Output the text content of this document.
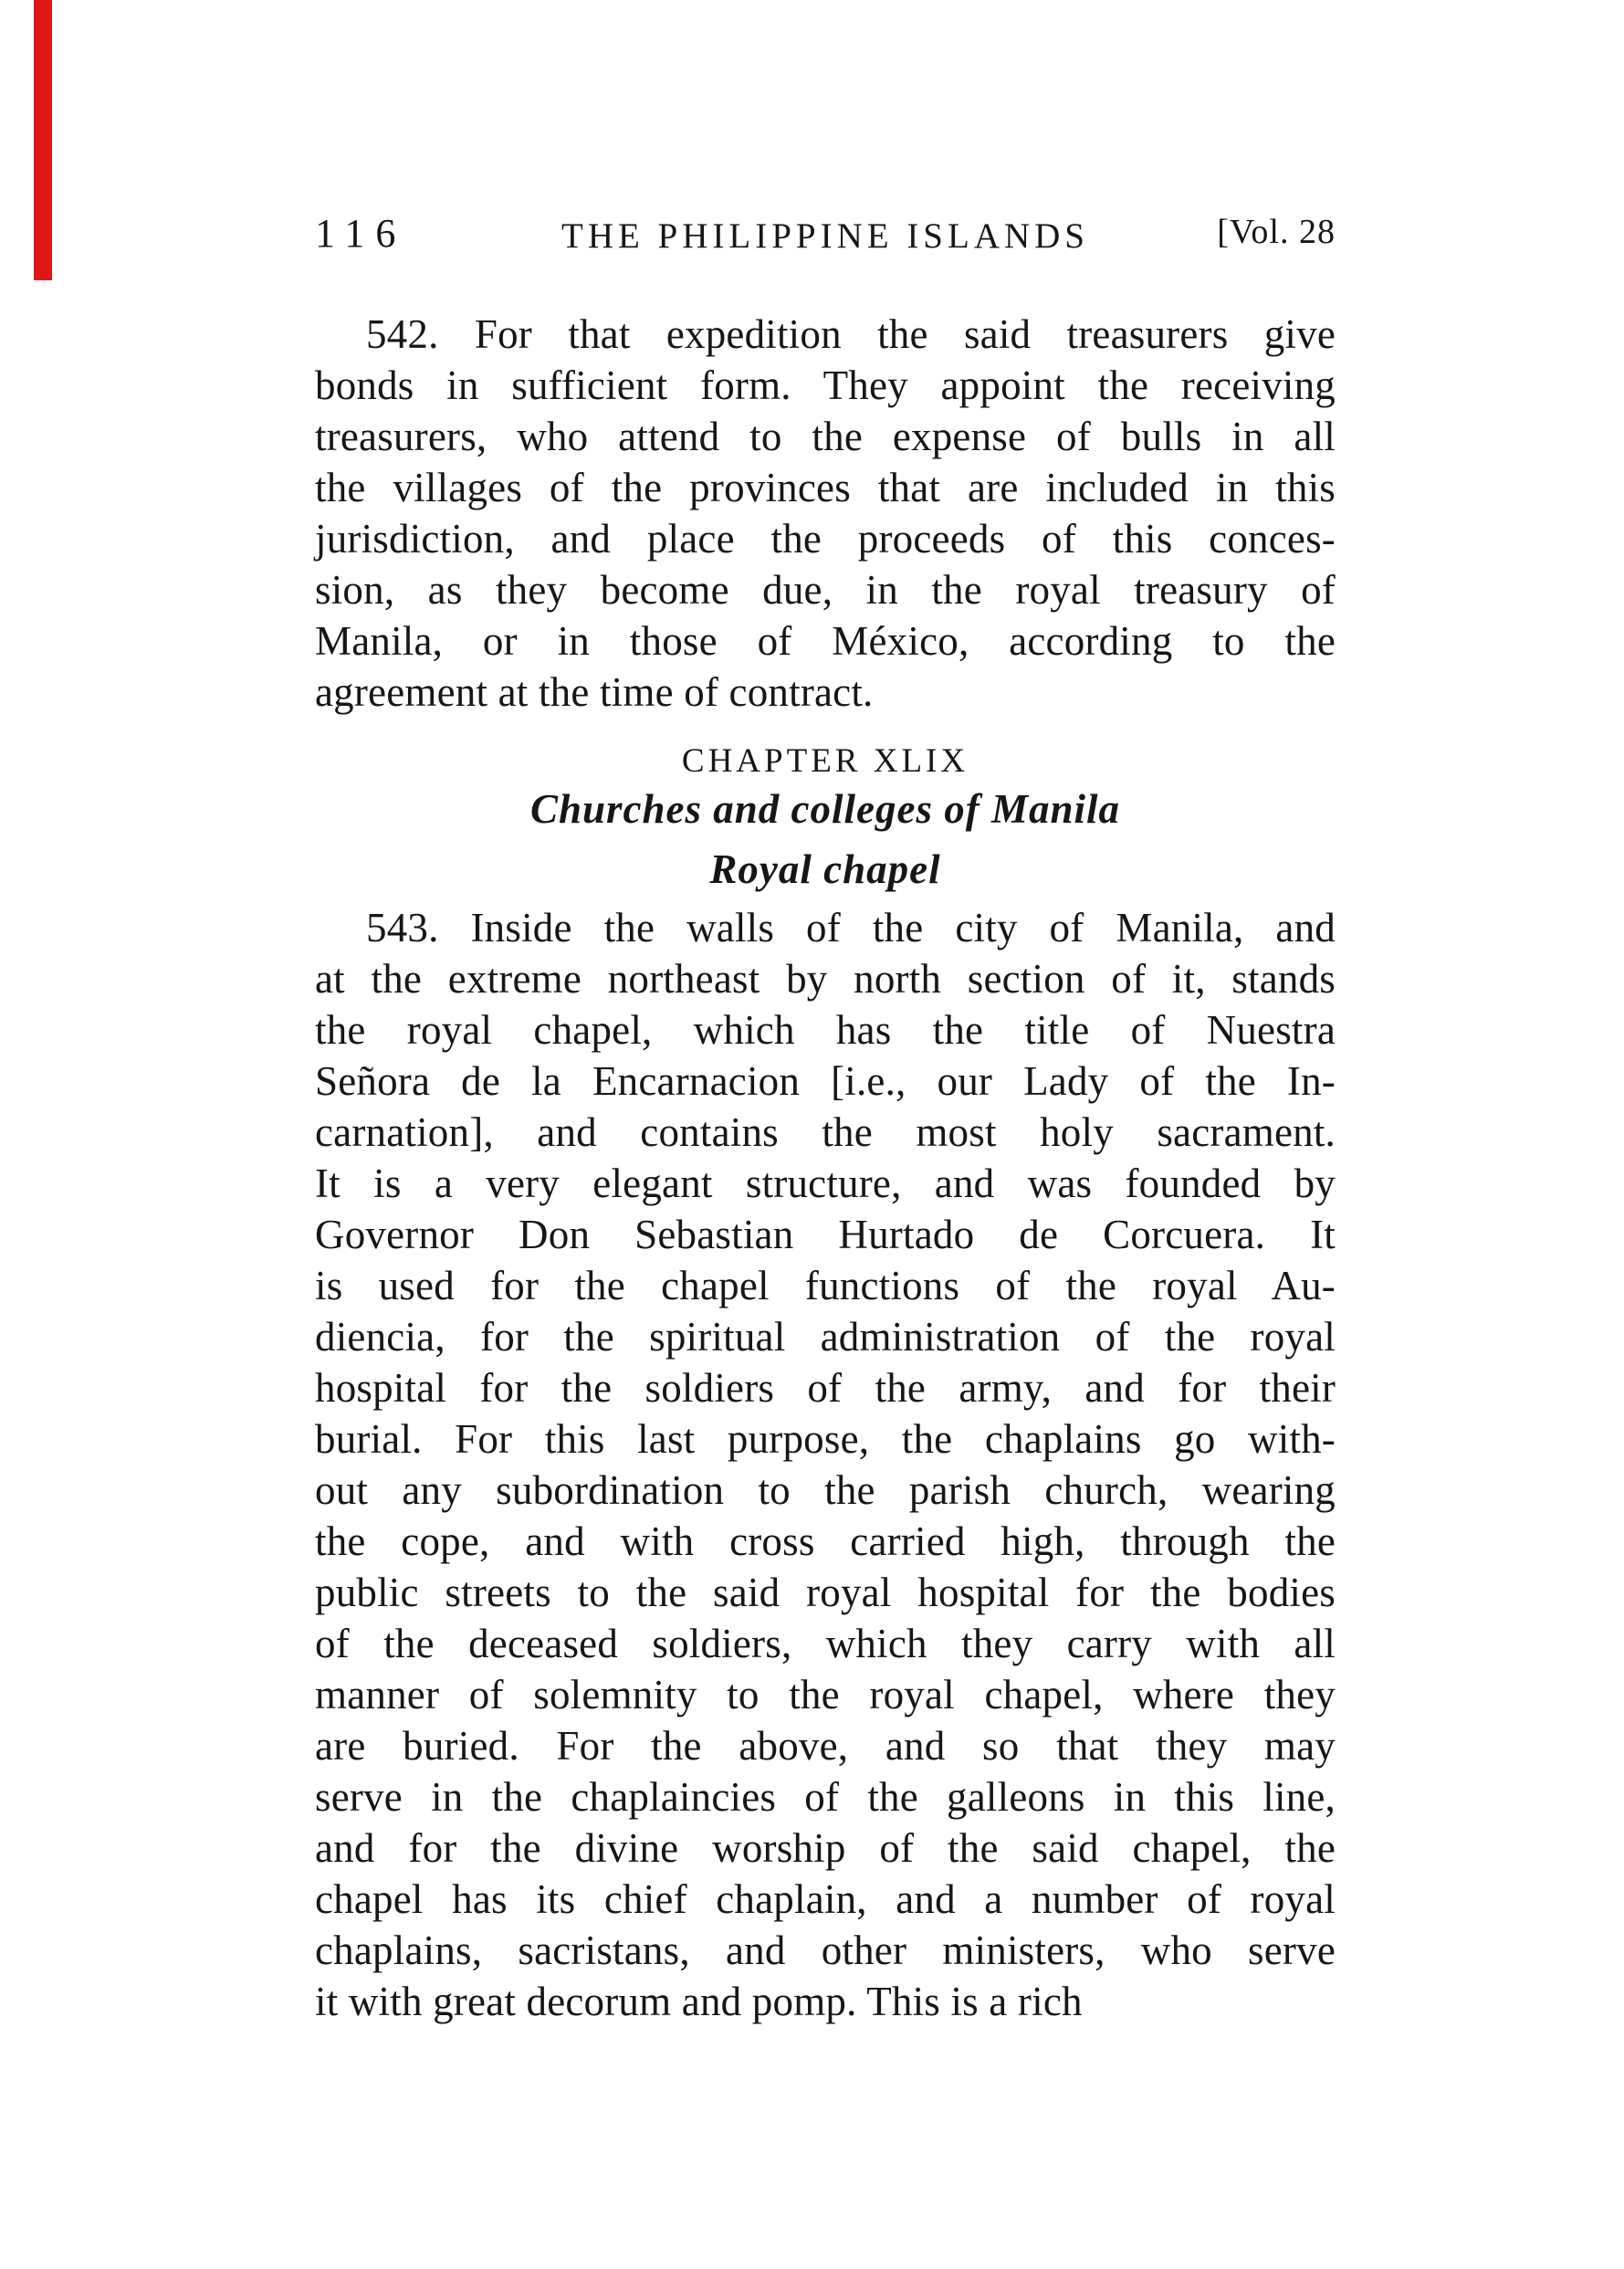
116	THE PHILIPPINE ISLANDS	[Vol. 28
542. For that expedition the said treasurers give
bonds in sufficient form. They appoint the receiving
treasurers, who attend to the expense of bulls in all
the villages of the provinces that are included in this
jurisdiction, and place the proceeds of this conces-
sion, as they become due, in the royal treasury of
Manila, or in those of México, according to the
agreement at the time of contract.
CHAPTER XLIX
Churches and colleges of Manila
Royal chapel
543. Inside the walls of the city of Manila, and
at the extreme northeast by north section of it, stands
the royal chapel, which has the title of Nuestra
Señora de la Encarnacion [i.e., our Lady of the In-
carnation], and contains the most holy sacrament.
It is a very elegant structure, and was founded by
Governor Don Sebastian Hurtado de Corcuera. It
is used for the chapel functions of the royal Au-
diencia, for the spiritual administration of the royal
hospital for the soldiers of the army, and for their
burial. For this last purpose, the chaplains go with-
out any subordination to the parish church, wearing
the cope, and with cross carried high, through the
public streets to the said royal hospital for the bodies
of the deceased soldiers, which they carry with all
manner of solemnity to the royal chapel, where they
are buried. For the above, and so that they may
serve in the chaplaincies of the galleons in this line,
and for the divine worship of the said chapel, the
chapel has its chief chaplain, and a number of royal
chaplains, sacristans, and other ministers, who serve
it with great decorum and pomp. This is a rich
